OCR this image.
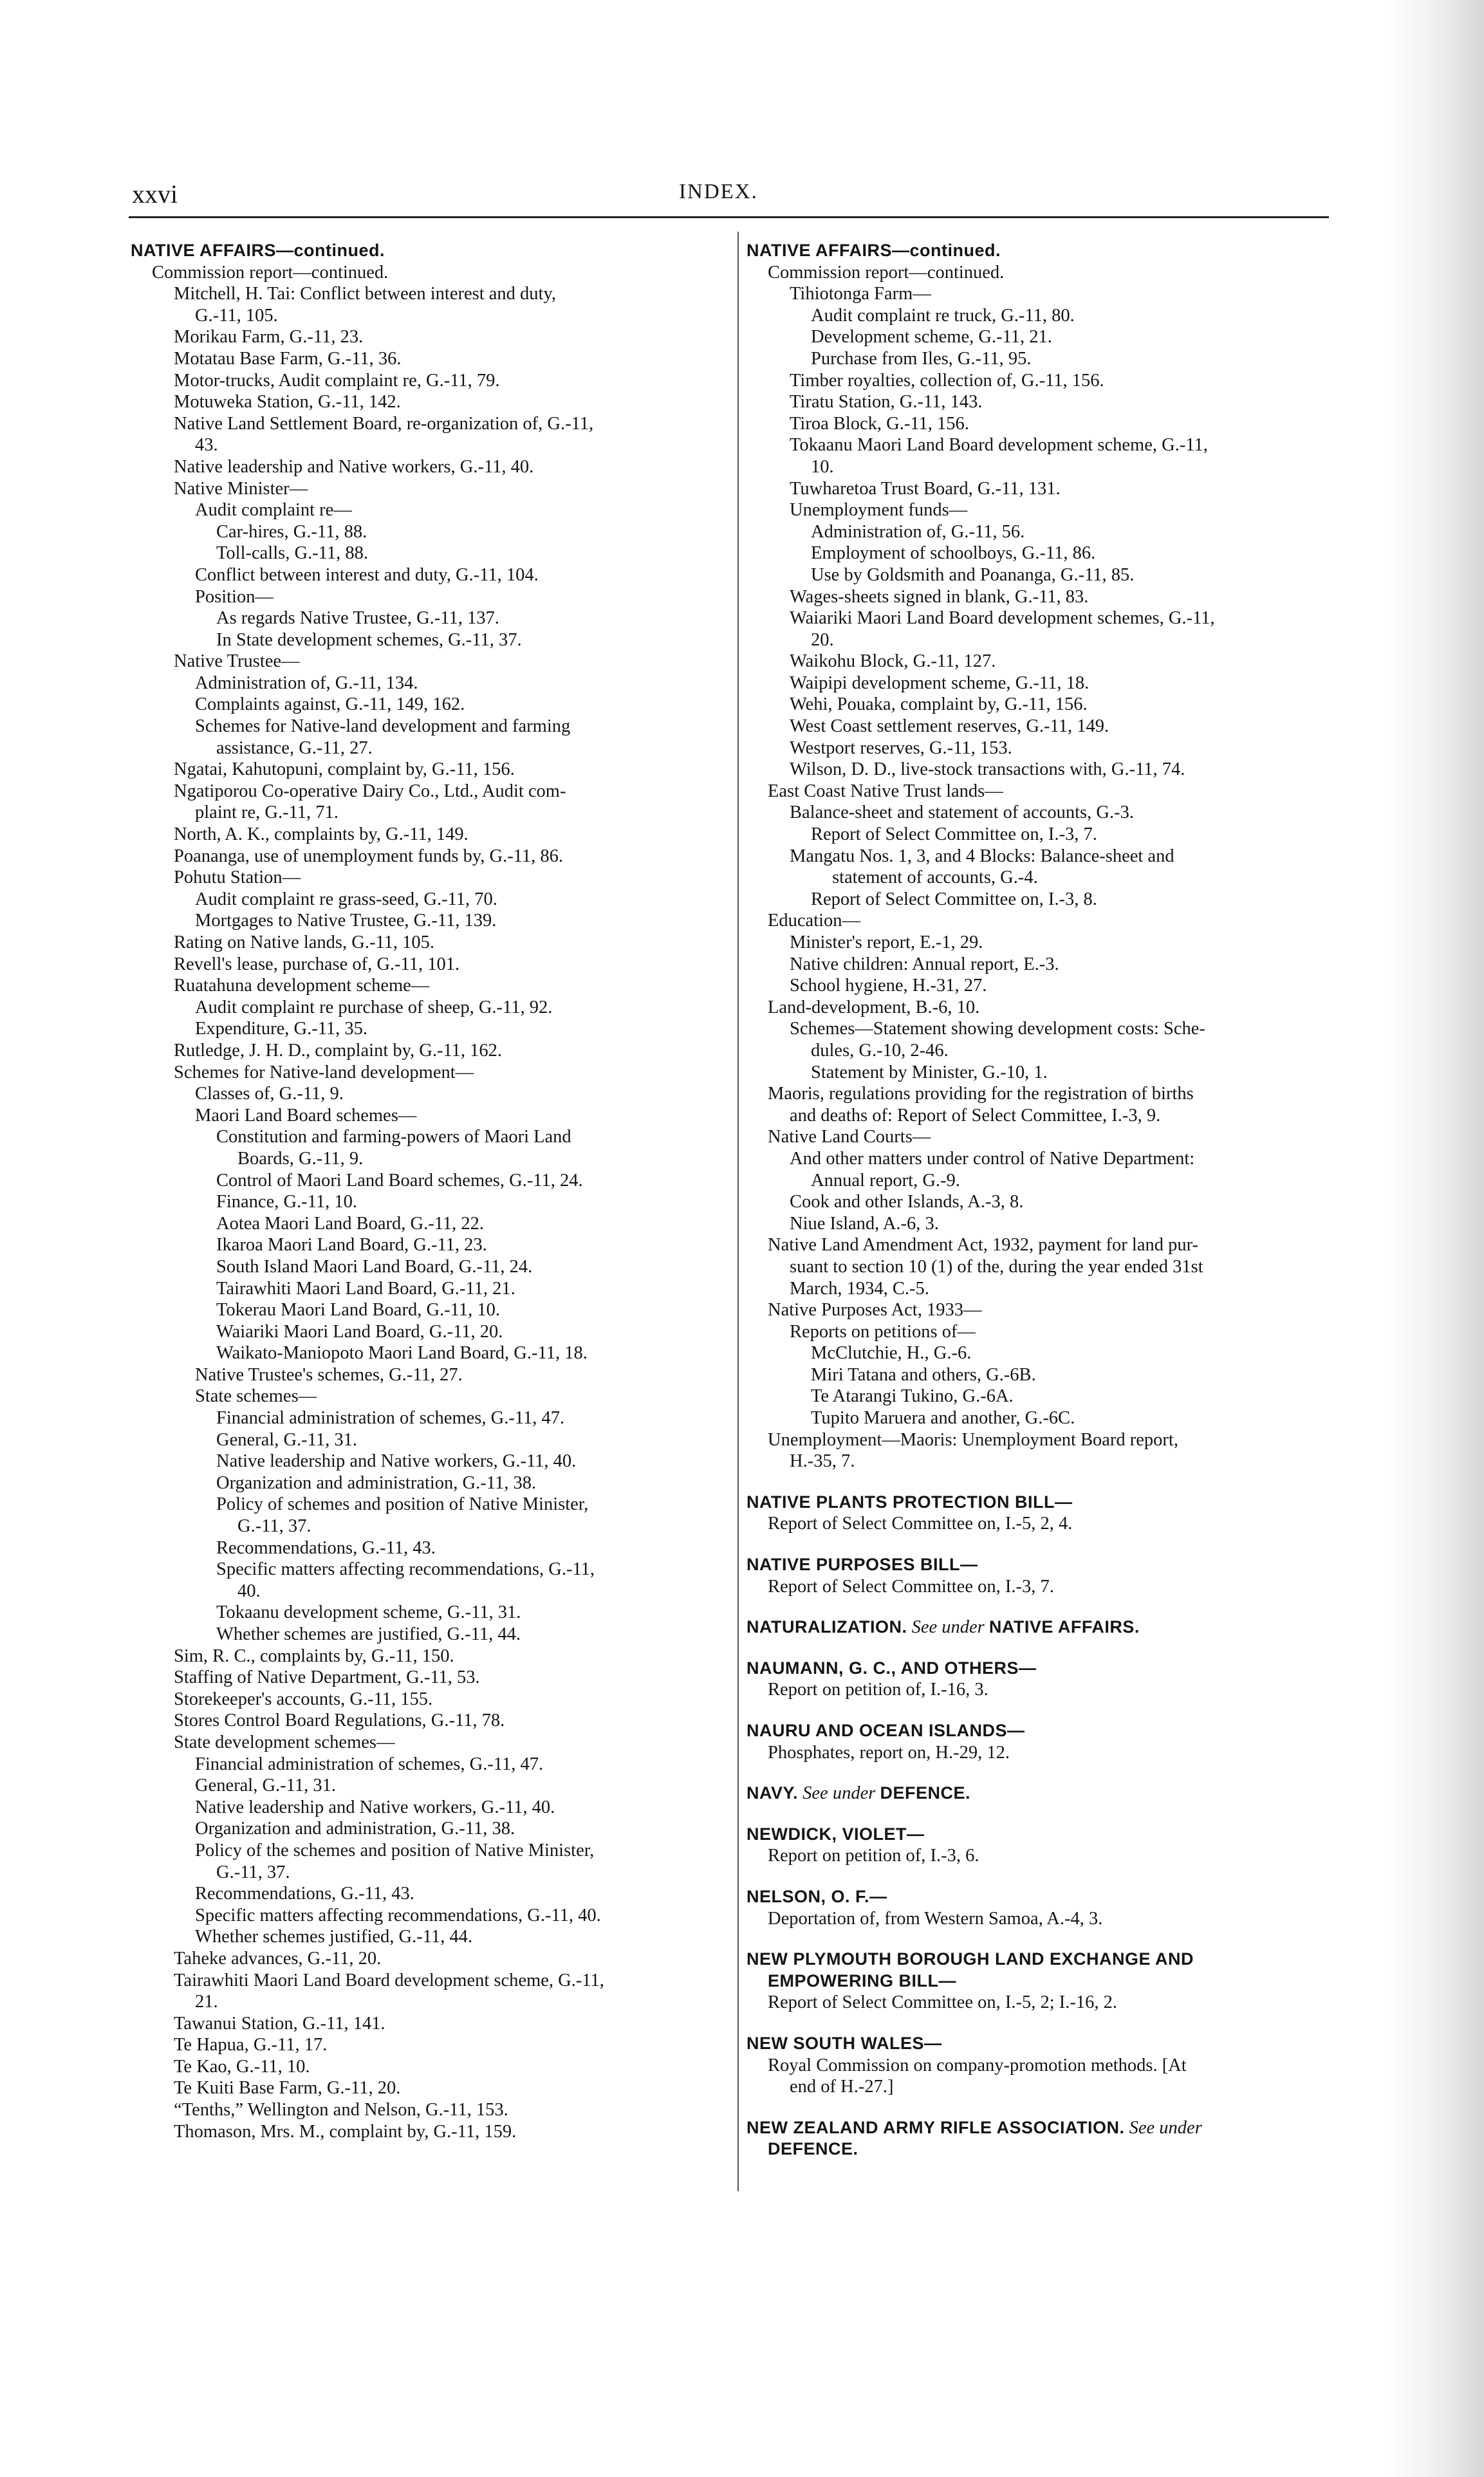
xxvi	INDEX.
NATIVE AFFAIRS—continued.
Commission report—continued.
Mitchell, H. Tai: Conflict between interest and duty,
G.-11, 105.
Morikau Farm, G.-11, 23.
Motatau Base Farm, G.-11, 36.
Motor-trucks, Audit complaint re, G.-11, 79.
Motuweka Station, G.-11, 142.
Native Land Settlement Board, re-organization of, G.-11,
43.
Native leadership and Native workers, G.-11, 40.
Native Minister—
Audit complaint re—
Car-hires, G.-11, 88.
Toll-calls, G.-11, 88.
Conflict between interest and duty, G.-11, 104.
Position—
As regards Native Trustee, G.-11, 137.
In State development schemes, G.-11, 37.
Native Trustee—
Administration of, G.-11, 134.
Complaints against, G.-11, 149, 162.
Schemes for Native-land development and farming
assistance, G.-11, 27.
Ngatai, Kahutopuni, complaint by, G.-11, 156.
Ngatiporou Co-operative Dairy Co., Ltd., Audit com-
plaint re, G.-11, 71.
North, A. K., complaints by, G.-11, 149.
Poananga, use of unemployment funds by, G.-11, 86.
Pohutu Station—
Audit complaint re grass-seed, G.-11, 70.
Mortgages to Native Trustee, G.-11, 139.
Rating on Native lands, G.-11, 105.
Revell's lease, purchase of, G.-11, 101.
Ruatahuna development scheme—
Audit complaint re purchase of sheep, G.-11, 92.
Expenditure, G.-11, 35.
Rutledge, J. H. D., complaint by, G.-11, 162.
Schemes for Native-land development—
Classes of, G.-11, 9.
Maori Land Board schemes—
Constitution and farming-powers of Maori Land
Boards, G.-11, 9.
Control of Maori Land Board schemes, G.-11, 24.
Finance, G.-11, 10.
Aotea Maori Land Board, G.-11, 22.
Ikaroa Maori Land Board, G.-11, 23.
South Island Maori Land Board, G.-11, 24.
Tairawhiti Maori Land Board, G.-11, 21.
Tokerau Maori Land Board, G.-11, 10.
Waiariki Maori Land Board, G.-11, 20.
Waikato-Maniopoto Maori Land Board, G.-11, 18.
Native Trustee's schemes, G.-11, 27.
State schemes—
Financial administration of schemes, G.-11, 47.
General, G.-11, 31.
Native leadership and Native workers, G.-11, 40.
Organization and administration, G.-11, 38.
Policy of schemes and position of Native Minister,
G.-11, 37.
Recommendations, G.-11, 43.
Specific matters affecting recommendations, G.-11,
40.
Tokaanu development scheme, G.-11, 31.
Whether schemes are justified, G.-11, 44.
Sim, R. C., complaints by, G.-11, 150.
Staffing of Native Department, G.-11, 53.
Storekeeper's accounts, G.-11, 155.
Stores Control Board Regulations, G.-11, 78.
State development schemes—
Financial administration of schemes, G.-11, 47.
General, G.-11, 31.
Native leadership and Native workers, G.-11, 40.
Organization and administration, G.-11, 38.
Policy of the schemes and position of Native Minister,
G.-11, 37.
Recommendations, G.-11, 43.
Specific matters affecting recommendations, G.-11, 40.
Whether schemes justified, G.-11, 44.
Taheke advances, G.-11, 20.
Tairawhiti Maori Land Board development scheme, G.-11,
21.
Tawanui Station, G.-11, 141.
Te Hapua, G.-11, 17.
Te Kao, G.-11, 10.
Te Kuiti Base Farm, G.-11, 20.
“Tenths,” Wellington and Nelson, G.-11, 153.
Thomason, Mrs. M., complaint by, G.-11, 159.
NATIVE AFFAIRS—continued.
Commission report—continued.
Tihiotonga Farm—
Audit complaint re truck, G.-11, 80.
Development scheme, G.-11, 21.
Purchase from Iles, G.-11, 95.
Timber royalties, collection of, G.-11, 156.
Tiratu Station, G.-11, 143.
Tiroa Block, G.-11, 156.
Tokaanu Maori Land Board development scheme, G.-11,
10.
Tuwharetoa Trust Board, G.-11, 131.
Unemployment funds—
Administration of, G.-11, 56.
Employment of schoolboys, G.-11, 86.
Use by Goldsmith and Poananga, G.-11, 85.
Wages-sheets signed in blank, G.-11, 83.
Waiariki Maori Land Board development schemes, G.-11,
20.
Waikohu Block, G.-11, 127.
Waipipi development scheme, G.-11, 18.
Wehi, Pouaka, complaint by, G.-11, 156.
West Coast settlement reserves, G.-11, 149.
Westport reserves, G.-11, 153.
Wilson, D. D., live-stock transactions with, G.-11, 74.
East Coast Native Trust lands—
Balance-sheet and statement of accounts, G.-3.
Report of Select Committee on, I.-3, 7.
Mangatu Nos. 1, 3, and 4 Blocks: Balance-sheet and
statement of accounts, G.-4.
Report of Select Committee on, I.-3, 8.
Education—
Minister's report, E.-1, 29.
Native children: Annual report, E.-3.
School hygiene, H.-31, 27.
Land-development, B.-6, 10.
Schemes—Statement showing development costs: Sche-
dules, G.-10, 2-46.
Statement by Minister, G.-10, 1.
Maoris, regulations providing for the registration of births
and deaths of: Report of Select Committee, I.-3, 9.
Native Land Courts—
And other matters under control of Native Department:
Annual report, G.-9.
Cook and other Islands, A.-3, 8.
Niue Island, A.-6, 3.
Native Land Amendment Act, 1932, payment for land pur-
suant to section 10 (1) of the, during the year ended 31st
March, 1934, C.-5.
Native Purposes Act, 1933—
Reports on petitions of—
McClutchie, H., G.-6.
Miri Tatana and others, G.-6B.
Te Atarangi Tukino, G.-6A.
Tupito Maruera and another, G.-6C.
Unemployment—Maoris: Unemployment Board report,
H.-35, 7.
NATIVE PLANTS PROTECTION BILL—
Report of Select Committee on, I.-5, 2, 4.
NATIVE PURPOSES BILL—
Report of Select Committee on, I.-3, 7.
NATURALIZATION. See under NATIVE AFFAIRS.
NAUMANN, G. C., AND OTHERS—
Report on petition of, I.-16, 3.
NAURU AND OCEAN ISLANDS—
Phosphates, report on, H.-29, 12.
NAVY. See under DEFENCE.
NEWDICK, VIOLET—
Report on petition of, I.-3, 6.
NELSON, O. F.—
Deportation of, from Western Samoa, A.-4, 3.
NEW PLYMOUTH BOROUGH LAND EXCHANGE AND
EMPOWERING BILL—
Report of Select Committee on, I.-5, 2; I.-16, 2.
NEW SOUTH WALES—
Royal Commission on company-promotion methods. [At
end of H.-27.]
NEW ZEALAND ARMY RIFLE ASSOCIATION. See under
DEFENCE.
